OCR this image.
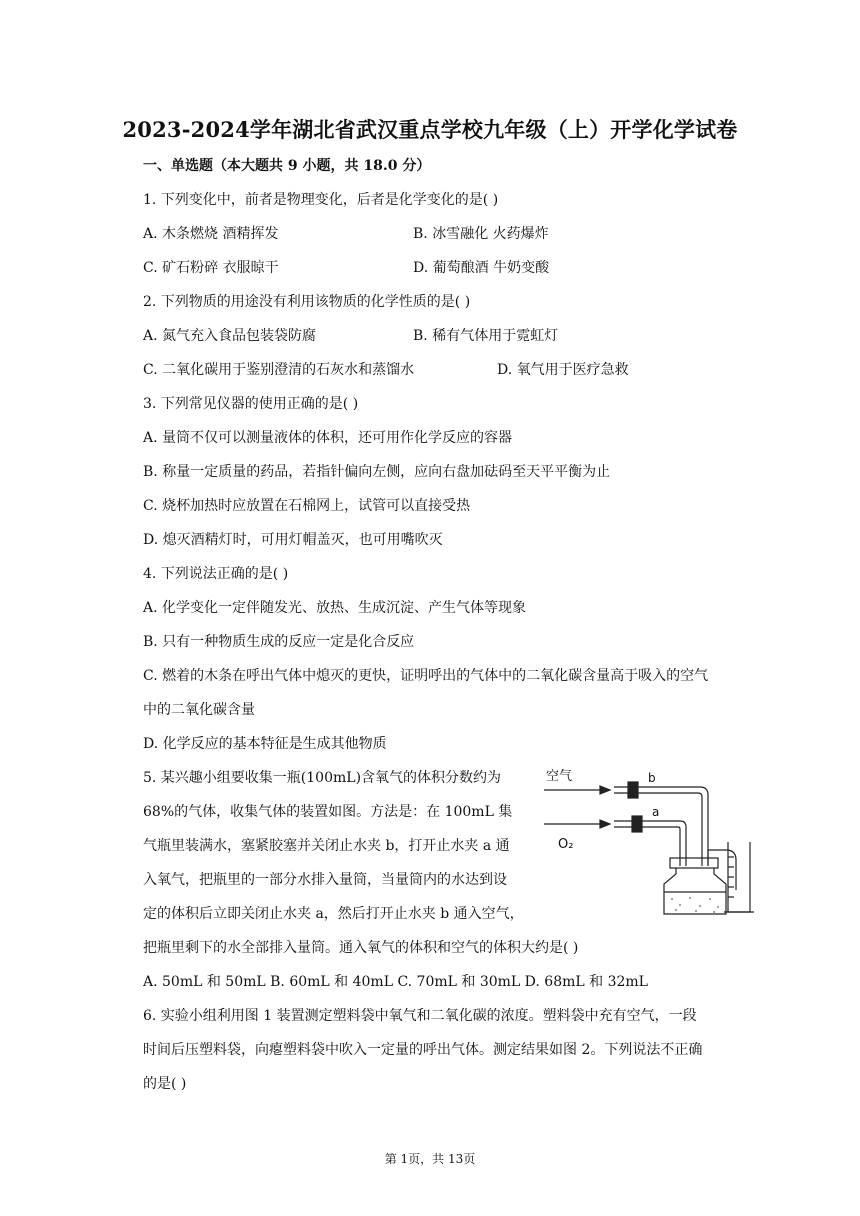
2023-2024学年湖北省武汉重点学校九年级（上）开学化学试卷
一、单选题（本大题共 9 小题，共 18.0 分）
1. 下列变化中，前者是物理变化，后者是化学变化的是( )
A. 木条燃烧 酒精挥发	B. 冰雪融化 火药爆炸
C. 矿石粉碎 衣服晾干	D. 葡萄酿酒 牛奶变酸
2. 下列物质的用途没有利用该物质的化学性质的是( )
A. 氮气充入食品包装袋防腐	B. 稀有气体用于霓虹灯
C. 二氧化碳用于鉴别澄清的石灰水和蒸馏水	D. 氧气用于医疗急救
3. 下列常见仪器的使用正确的是( )
A. 量筒不仅可以测量液体的体积，还可用作化学反应的容器
B. 称量一定质量的药品，若指针偏向左侧，应向右盘加砝码至天平平衡为止
C. 烧杯加热时应放置在石棉网上，试管可以直接受热
D. 熄灭酒精灯时，可用灯帽盖灭，也可用嘴吹灭
4. 下列说法正确的是( )
A. 化学变化一定伴随发光、放热、生成沉淀、产生气体等现象
B. 只有一种物质生成的反应一定是化合反应
C. 燃着的木条在呼出气体中熄灭的更快，证明呼出的气体中的二氧化碳含量高于吸入的空气
中的二氧化碳含量
D. 化学反应的基本特征是生成其他物质
5. 某兴趣小组要收集一瓶(100mL)含氧气的体积分数约为
68%的气体，收集气体的装置如图。方法是：在 100mL 集
气瓶里装满水，塞紧胶塞并关闭止水夹 b，打开止水夹 a 通
入氧气，把瓶里的一部分水排入量筒，当量筒内的水达到设
定的体积后立即关闭止水夹 a，然后打开止水夹 b 通入空气，
把瓶里剩下的水全部排入量筒。通入氧气的体积和空气的体积大约是( )
A. 50mL 和 50mL B. 60mL 和 40mL C. 70mL 和 30mL D. 68mL 和 32mL
空气
O₂
b
a
6. 实验小组利用图 1 装置测定塑料袋中氧气和二氧化碳的浓度。塑料袋中充有空气，一段
时间后压塑料袋，向瘪塑料袋中吹入一定量的呼出气体。测定结果如图 2。下列说法不正确
的是( )
第 1页，共 13页
